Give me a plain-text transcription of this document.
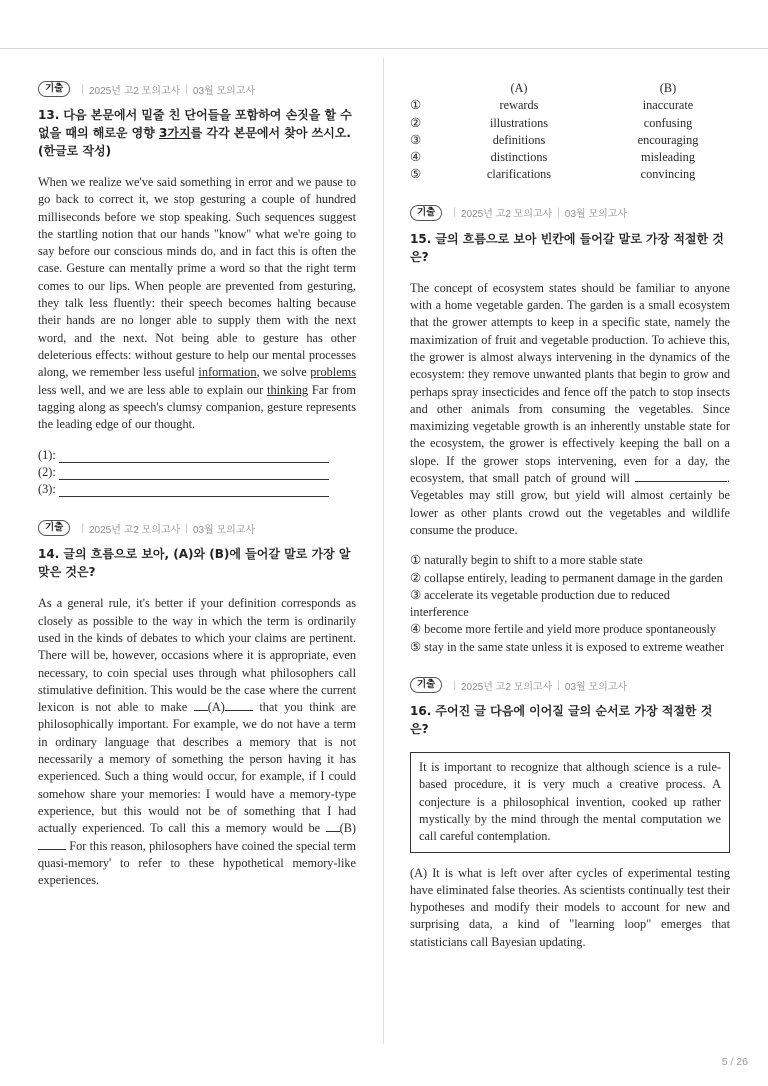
기출	| 2025년 고2 모의고사 | 03월 모의고사
13. 다음 본문에서 밑줄 친 단어들을 포함하여 손짓을 할 수 없을 때의 해로운 영향 3가지를 각각 본문에서 찾아 쓰시오. (한글로 작성)
When we realize we've said something in error and we pause to go back to correct it, we stop gesturing a couple of hundred milliseconds before we stop speaking. Such sequences suggest the startling notion that our hands "know" what we're going to say before our conscious minds do, and in fact this is often the case. Gesture can mentally prime a word so that the right term comes to our lips. When people are prevented from gesturing, they talk less fluently: their speech becomes halting because their hands are no longer able to supply them with the next word, and the next. Not being able to gesture has other deleterious effects: without gesture to help our mental processes along, we remember less useful information, we solve problems less well, and we are less able to explain our thinking Far from tagging along as speech's clumsy companion, gesture represents the leading edge of our thought.
(1):
(2):
(3):
기출	| 2025년 고2 모의고사 | 03월 모의고사
14. 글의 흐름으로 보아, (A)와 (B)에 들어갈 말로 가장 알맞은 것은?
As a general rule, it's better if your definition corresponds as closely as possible to the way in which the term is ordinarily used in the kinds of debates to which your claims are pertinent. There will be, however, occasions where it is appropriate, even necessary, to coin special uses through what philosophers call stimulative definition. This would be the case where the current lexicon is not able to make (A) that you think are philosophically important. For example, we do not have a term in ordinary language that describes a memory that is not necessarily a memory of something the person having it has experienced. Such a thing would occur, for example, if I could somehow share your memories: I would have a memory-type experience, but this would not be of something that I had actually experienced. To call this a memory would be (B) For this reason, philosophers have coined the special term quasi-memory' to refer to these hypothetical memory-like experiences.
(A)	(B)
①	rewards	inaccurate
②	illustrations	confusing
③	definitions	encouraging
④	distinctions	misleading
⑤	clarifications	convincing
기출	| 2025년 고2 모의고사 | 03월 모의고사
15. 글의 흐름으로 보아 빈칸에 들어갈 말로 가장 적절한 것은?
The concept of ecosystem states should be familiar to anyone with a home vegetable garden. The garden is a small ecosystem that the grower attempts to keep in a specific state, namely the maximization of fruit and vegetable production. To achieve this, the grower is almost always intervening in the dynamics of the ecosystem: they remove unwanted plants that begin to grow and perhaps spray insecticides and fence off the patch to stop insects and other animals from consuming the vegetables. Since maximizing vegetable growth is an inherently unstable state for the ecosystem, the grower is effectively keeping the ball on a slope. If the grower stops intervening, even for a day, the ecosystem, that small patch of ground will	. Vegetables may still grow, but yield will almost certainly be lower as other plants crowd out the vegetables and wildlife consume the produce.
① naturally begin to shift to a more stable state
② collapse entirely, leading to permanent damage in the garden
③ accelerate its vegetable production due to reduced interference
④ become more fertile and yield more produce spontaneously
⑤ stay in the same state unless it is exposed to extreme weather
기출	| 2025년 고2 모의고사 | 03월 모의고사
16. 주어진 글 다음에 이어질 글의 순서로 가장 적절한 것은?
It is important to recognize that although science is a rule-based procedure, it is very much a creative process. A conjecture is a philosophical invention, cooked up rather mystically by the mind through the mental computation we call careful contemplation.
(A) It is what is left over after cycles of experimental testing have eliminated false theories. As scientists continually test their hypotheses and modify their models to account for new and surprising data, a kind of "learning loop" emerges that statisticians call Bayesian updating.
5 / 26
